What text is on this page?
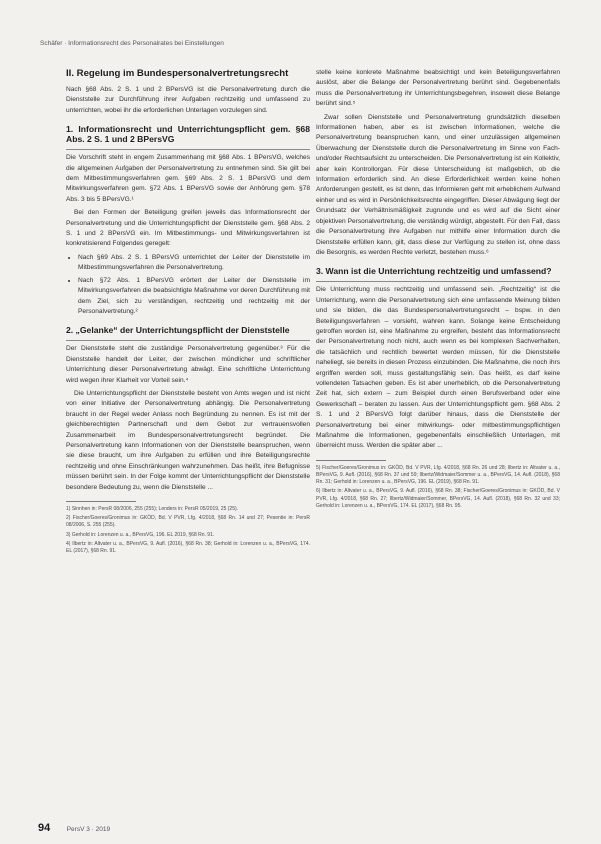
Schäfer · Informationsrecht des Personalrates bei Einstellungen
II. Regelung im Bundespersonalvertretungsrecht

Nach §68 Abs. 2 S. 1 und 2 BPersVG ist die Personalvertretung durch die Dienststelle zur Durchführung ihrer Aufgaben rechtzeitig und umfassend zu unterrichten, wobei ihr die erforderlichen Unterlagen vorzulegen sind.

1. Informationsrecht und Unterrichtungspflicht gem. §68 Abs. 2 S. 1 und 2 BPersVG

Die Vorschrift steht in engem Zusammenhang mit §68 Abs. 1 BPersVG, welches die allgemeinen Aufgaben der Personalvertretung zu entnehmen sind. Sie gilt bei dem Mitbestimmungsverfahren gem. §69 Abs. 2 S. 1 BPersVG und dem Mitwirkungsverfahren gem. §72 Abs. 1 BPersVG sowie der Anhörung gem. §78 Abs. 3 bis 5 BPersVG.¹

Bei den Formen der Beteiligung greifen jeweils das Informationsrecht der Personalvertretung und die Unterrichtungspflicht der Dienststelle gem. §68 Abs. 2 S. 1 und 2 BPersVG ein. Im Mitbestimmungs- und Mitwirkungsverfahren ist konkretisierend Folgendes geregelt:

• Nach §69 Abs. 2 S. 1 BPersVG unterrichtet der Leiter der Dienststelle im Mitbestimmungsverfahren die Personalvertretung.
• Nach §72 Abs. 1 BPersVG erörtert der Leiter der Dienststelle im Mitwirkungsverfahren die beabsichtigte Maßnahme vor deren Durchführung mit dem Ziel, sich zu verständigen, rechtzeitig und rechtzeitig mit der Personalvertretung.²
2. „Gelanke“ der Unterrichtungspflicht der Dienststelle

Der Dienststelle steht die zuständige Personalvertretung gegenüber.³ Für die Dienststelle handelt der Leiter, der zwischen mündlicher und schriftlicher Unterrichtung dieser Personalvertretung abwägt. Eine schriftliche Unterrichtung wird wegen ihrer Klarheit vor Vorteil sein.⁴

Die Unterrichtungspflicht der Dienststelle besteht von Amts wegen und ist nicht von einer Initiative der Personalvertretung abhängig. Die Personalvertretung braucht in der Regel weder Anlass noch Begründung zu nennen. Es ist mit der gleichberechtigten Partnerschaft und dem Gebot zur vertrauensvollen Zusammenarbeit im Bundespersonalvertretungsrecht begründet. Die Personalvertretung kann Informationen von der Dienststelle beanspruchen, wenn sie diese braucht, um ihre Aufgaben zu erfüllen und ihre Beteiligungsrechte rechtzeitig und ohne Einschränkungen wahrzunehmen. Das heißt, ihre Befugnisse müssen berührt sein. In der Folge kommt der Unterrichtungspflicht der Dienststelle besondere Bedeutung zu, wenn die Dienststelle ...

1) Sinnhen in: PersR 08/2006, 255 (255); Lenders in: PersR 05/2019, 25 (25).
2) Fischer/Goeres/Gronimus in: GKÖD, Bd. V PVR, Lfg. 4/2018, §68 Rn. 14 und 27; Pesentie in: PersR 08/2006, S. 255 (255).
3) Gerhold in: Lorenzen u. a., BPersVG, 196. EL 2019, §68 Rn. 91.
4) Ilbertz in: Altvater u. a., BPersVG, 9. Aufl. (2016), §68 Rn. 38; Gerhold in: Lorenzen u. a., BPersVG, 174. EL (2017), §68 Rn. 91.

stelle keine konkrete Maßnahme beabsichtigt und kein Beteiligungsverfahren auslöst, aber die Belange der Personalvertretung berührt sind. Gegebenenfalls muss die Personalvertretung ihr Unterrichtungsbegehren, insoweit diese Belange berührt sind.⁵

Zwar sollen Dienststelle und Personalvertretung grundsätzlich dieselben Informationen haben, aber es ist zwischen Informationen, welche die Personalvertretung beanspruchen kann, und einer unzulässigen allgemeinen Überwachung der Dienststelle durch die Personalvertretung im Sinne von Fach- und/oder Rechtsaufsicht zu unterscheiden. Die Personalvertretung ist ein Kollektiv, aber kein Kontrollorgan. Für diese Unterscheidung ist maßgeblich, ob die Information erforderlich sind. An diese Erforderlichkeit werden keine hohen Anforderungen gestellt, es ist denn, das Informieren geht mit erheblichem Aufwand einher und es wird in Persönlichkeitsrechte eingegriffen. Dieser Abwägung liegt der Grundsatz der Verhältnismäßigkeit zugrunde und es wird auf die Sicht einer objektiven Personalvertretung, die verständig würdigt, abgestellt. Für den Fall, dass die Personalvertretung ihre Aufgaben nur mithilfe einer Information durch die Dienststelle erfüllen kann, gilt, dass diese zur Verfügung zu stellen ist, ohne dass die Besorgnis, es werden Rechte verletzt, bestehen muss.⁶

3. Wann ist die Unterrichtung rechtzeitig und umfassend?

Die Unterrichtung muss rechtzeitig und umfassend sein. „Rechtzeitig“ ist die Unterrichtung, wenn die Personalvertretung sich eine umfassende Meinung bilden und sie bilden, die das Bundespersonalvertretungsrecht – bspw. in den Beteiligungsverfahren – vorsieht, wahren kann. Solange keine Entscheidung getroffen worden ist, eine Maßnahme zu ergreifen, besteht das Informationsrecht der Personalvertretung noch nicht, auch wenn es bei komplexen Sachverhalten, die tatsächlich und rechtlich bewertet werden müssen, für die Dienststelle naheliegt, sie bereits in diesen Prozess einzubinden. Die Maßnahme, die noch ihrs ergriffen werden soll, muss gestaltungsfähig sein. Das heißt, es darf keine vollendeten Tatsachen geben. Es ist aber unerheblich, ob die Personalvertretung Zeit hat, sich extern – zum Beispiel durch einen Berufsverband oder eine Gewerkschaft – beraten zu lassen. Aus der Unterrichtungspflicht gem. §68 Abs. 2 S. 1 und 2 BPersVG folgt darüber hinaus, dass die Dienststelle der Personalvertretung bei einer mitwirkungs- oder mitbestimmungspflichtigen Maßnahme die Informationen, gegebenenfalls einschließlich Unterlagen, mit überreicht muss. Werden die später aber ...

5) Fischer/Goeres/Gronimus in: GKÖD, Bd. V PVR, Lfg. 4/2018, §68 Rn. 26 und 28; Ilbertz in: Altvater u. a., BPersVG, 9. Aufl. (2016), §68 Rn. 37 und 59; Ilbertz/Widmaier/Sommer u. a., BPersVG, 14. Aufl. (2018), §68 Rn. 31; Gerhold in: Lorenzen u. a., BPersVG, 196. EL (2019), §68 Rn. 91.
6) Ilbertz in: Altvater u. a., BPersVG, 9. Aufl. (2016), §68 Rn. 38; Fischer/Goeres/Gronimus in: GKÖD, Bd. V PVR, Lfg. 4/2018, §68 Rn. 27; Ilbertz/Widmaier/Sommer, BPersVG, 14. Aufl. (2018), §68 Rn. 32 und 33; Gerhold in: Lorenzen u. a., BPersVG, 174. EL (2017), §68 Rn. 95.
94	PersV 3 · 2019
